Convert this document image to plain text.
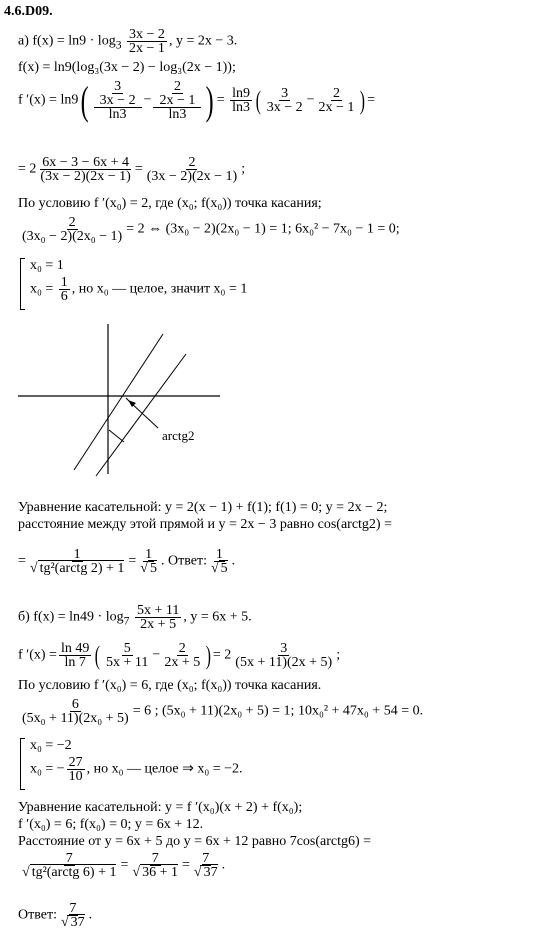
4.6.D09.
а) $f(x) = \ln 9 \cdot \log_3 \frac{3x - 2}{2x - 1}$ , y = 2x − 3.
f(x) = ln9(log₃(3x − 2) − log₃(2x − 1));
f $'(x) = \ln 9( \frac{\frac{3}{3x - 2}}{\ln 3} - \frac{\frac{2}{2x - 1}}{\ln 3}$ ) = $\frac{\ln 9}{\ln 3}$ ( $\frac{3}{3x - 2} - \frac{2}{2x - 1}$ ) =
= $2 \frac{6x - 3 - 6x + 4}{(3x - 2)(2x - 1)} = \frac{2}{(3x - 2)(2x - 1)}$ ;
По условию f ′(x₀) = 2, где (x₀; f(x₀)) точка касания;
$\frac{2}{\text{(3x₀ − 2)(2x₀ − 1)}} = 2$ ⇔ (3x₀ − 2)(2x₀ − 1) = 1; 6x₀² − 7x₀ − 1 = 0;
x₀ = 1
$x_0 = \frac{1}{6}$ , но x₀ — целое, значит x₀ = 1
arctg2
Уравнение касательной: y = 2(x − 1) + f(1); f(1) = 0; y = 2x − 2;
расстояние между этой прямой и y = 2x − 3 равно cos(arctg2) =
=	1
√ tg²(arctg $2) + 1 = \frac{1}{√ 5}$ . Ответ: $\frac{1}{√ 5}$ .
б) $f(x) = \ln 49 \cdot \log_7 \frac{5x + 11}{2x + 5}$ , y = 6x + 5.
f $'(x) = \frac{\ln 49}{\ln 7}$ ( $\frac{5}{5x + 11} - \frac{2}{2x + 5}$ ) = $2 \frac{3}{(5x + 11)(2x + 5)}$ ;
По условию f ′(x₀) = 6, где (x₀; f(x₀)) точка касания.
$\frac{6}{\text{(5x₀ + 11)(2x₀ + 5)}} = 6$ ; (5x₀ + 11)(2x₀ + 5) = 1; 10x₀² + 47x₀ + 54 = 0.
x₀ = −2
x₀ = − $\frac{27}{10}$ , но x₀ — целое ⇒ x₀ = −2.
Уравнение касательной: y = f ′(x₀)(x + 2) + f(x₀);
f ′(x₀) = 6; f(x₀) = 0; y = 6x + 12.
Расстояние от y = 6x + 5 до y = 6x + 12 равно 7cos(arctg6) =
7
√ tg²(arctg $6) + 1 = \frac{7}{√ 36 + 1} = \frac{7}{√ 37}$ .
Ответ: $\frac{7}{√ 37}$ .
